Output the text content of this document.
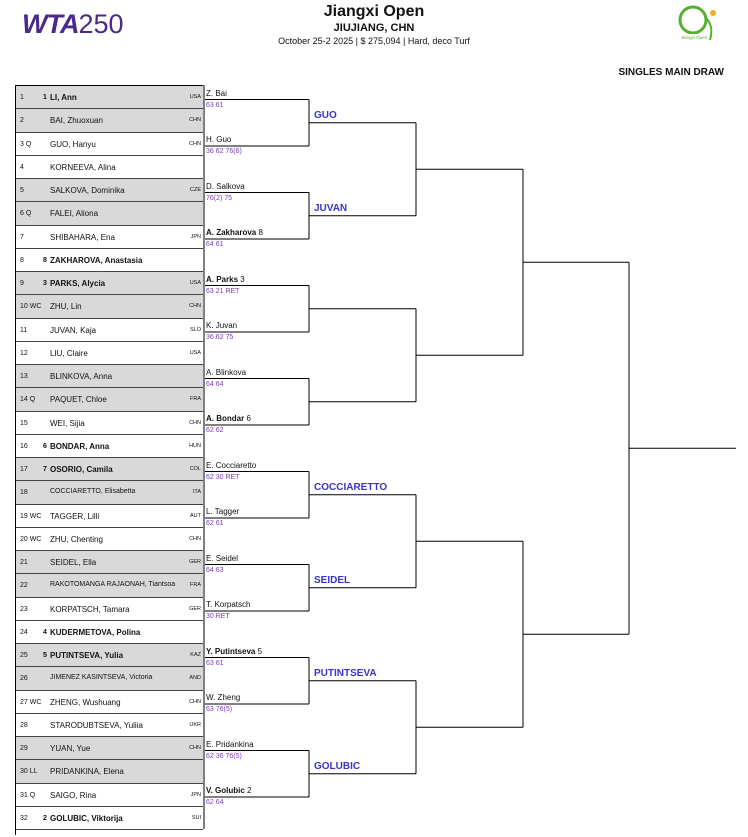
WTA250	Jiangxi Open
JIUJIANG, CHN
October 25-2 2025 | $ 275,094 | Hard, deco Turf
SINGLES MAIN DRAW
Jiangxi Open
1	1 LI, Ann	USA
2	BAI, Zhuoxuan	CHN
3 Q GUO, Hanyu	CHN
4	KORNEEVA, Alina
5	SALKOVA, Dominika	CZE
6 Q FALEI, Aliona
7	SHIBAHARA, Ena	JPN
8	8 ZAKHAROVA, Anastasia
9	3 PARKS, Alycia	USA
10 WC ZHU, Lin	CHN
11	JUVAN, Kaja	SLO
12	LIU, Claire	USA
13	BLINKOVA, Anna
14 Q PAQUET, Chloe	FRA
15	WEI, Sijia	CHN
16 6 BONDAR, Anna	HUN
17 7 OSORIO, Camila	COL
18	COCCIARETTO, Elisabetta	ITA
19 WC TAGGER, Lilli	AUT
20 WC ZHU, Chenting	CHN
21	SEIDEL, Ella	GER
22	RAKOTOMANGA RAJAONAH, Tiantsoa	FRA
23	KORPATSCH, Tamara	GER
24 4 KUDERMETOVA, Polina
25 5 PUTINTSEVA, Yulia	KAZ
26	JIMENEZ KASINTSEVA, Victoria	AND
27 WC ZHENG, Wushuang	CHN
28	STARODUBTSEVA, Yuliia	UKR
29	YUAN, Yue	CHN
30 LL PRIDANKINA, Elena
31 Q SAIGO, Rina	JPN
32 2 GOLUBIC, Viktorija	SUI
Z. Bai
63 61
H. Guo
36 62 76(6)
D. Salkova
76(2) 75
A. Zakharova 8
64 61
A. Parks 3
63 21 RET
K. Juvan
36 62 75
A. Blinkova
64 64
A. Bondar 6
62 62
E. Cocciaretto
62 30 RET
L. Tagger
62 61
E. Seidel
64 63
T. Korpatsch
30 RET
Y. Putintseva 5
63 61
W. Zheng
63 76(5)
E. Pridankina
62 36 76(5)
V. Golubic 2
62 64
GUO
JUVAN
COCCIARETTO
SEIDEL
PUTINTSEVA
GOLUBIC
